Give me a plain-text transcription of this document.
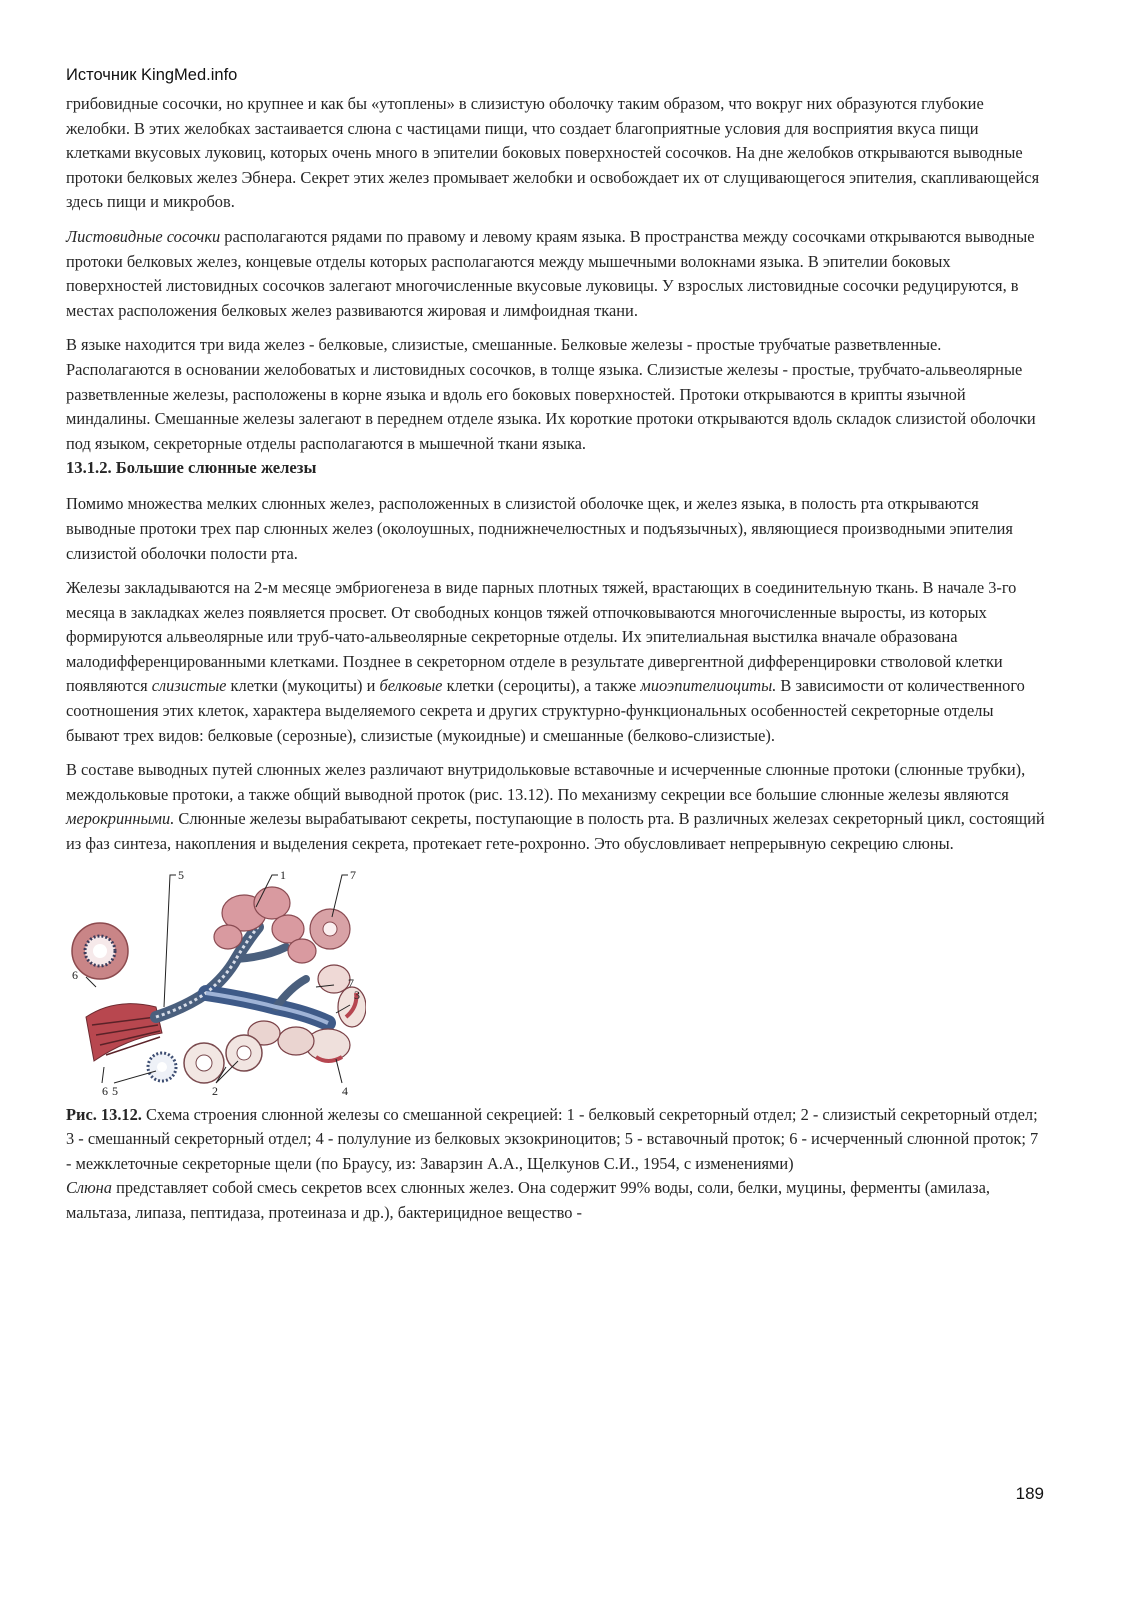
Источник KingMed.info

грибовидные сосочки, но крупнее и как бы «утоплены» в слизистую оболочку таким образом, что вокруг них образуются глубокие желобки. В этих желобках застаивается слюна с частицами пищи, что создает благоприятные условия для восприятия вкуса пищи клетками вкусовых луковиц, которых очень много в эпителии боковых поверхностей сосочков. На дне желобков открываются выводные протоки белковых желез Эбнера. Секрет этих желез промывает желобки и освобождает их от слущивающегося эпителия, скапливающейся здесь пищи и микробов.

Листовидные сосочки располагаются рядами по правому и левому краям языка. В пространства между сосочками открываются выводные протоки белковых желез, концевые отделы которых располагаются между мышечными волокнами языка. В эпителии боковых поверхностей листовидных сосочков залегают многочисленные вкусовые луковицы. У взрослых листовидные сосочки редуцируются, в местах расположения белковых желез развиваются жировая и лимфоидная ткани.

В языке находится три вида желез - белковые, слизистые, смешанные. Белковые железы - простые трубчатые разветвленные. Располагаются в основании желобоватых и листовидных сосочков, в толще языка. Слизистые железы - простые, трубчато-альвеолярные разветвленные железы, расположены в корне языка и вдоль его боковых поверхностей. Протоки открываются в крипты язычной миндалины. Смешанные железы залегают в переднем отделе языка. Их короткие протоки открываются вдоль складок слизистой оболочки под языком, секреторные отделы располагаются в мышечной ткани языка.

13.1.2. Большие слюнные железы

Помимо множества мелких слюнных желез, расположенных в слизистой оболочке щек, и желез языка, в полость рта открываются выводные протоки трех пар слюнных желез (околоушных, поднижнечелюстных и подъязычных), являющиеся производными эпителия слизистой оболочки полости рта.

Железы закладываются на 2-м месяце эмбриогенеза в виде парных плотных тяжей, врастающих в соединительную ткань. В начале 3-го месяца в закладках желез появляется просвет. От свободных концов тяжей отпочковываются многочисленные выросты, из которых формируются альвеолярные или труб-чато-альвеолярные секреторные отделы. Их эпителиальная выстилка вначале образована малодифференцированными клетками. Позднее в секреторном отделе в результате дивергентной дифференцировки стволовой клетки появляются слизистые клетки (мукоциты) и белковые клетки (сероциты), а также миоэпителиоциты. В зависимости от количественного соотношения этих клеток, характера выделяемого секрета и других структурно-функциональных особенностей секреторные отделы бывают трех видов: белковые (серозные), слизистые (мукоидные) и смешанные (белково-слизистые).

В составе выводных путей слюнных желез различают внутридольковые вставочные и исчерченные слюнные протоки (слюнные трубки), междольковые протоки, а также общий выводной проток (рис. 13.12). По механизму секреции все большие слюнные железы являются мерокринными. Слюнные железы вырабатывают секреты, поступающие в полость рта. В различных железах секреторный цикл, состоящий из фаз синтеза, накопления и выделения секрета, протекает гете-рохронно. Это обусловливает непрерывную секрецию слюны.

5	1	7
6
7
3
6 5	2	4

Рис. 13.12. Схема строения слюнной железы со смешанной секрецией: 1 - белковый секреторный отдел; 2 - слизистый секреторный отдел; 3 - смешанный секреторный отдел; 4 - полулуние из белковых экзокриноцитов; 5 - вставочный проток; 6 - исчерченный слюнной проток; 7 - межклеточные секреторные щели (по Браусу, из: Заварзин А.А., Щелкунов С.И., 1954, с изменениями)

Слюна представляет собой смесь секретов всех слюнных желез. Она содержит 99% воды, соли, белки, муцины, ферменты (амилаза, мальтаза, липаза, пептидаза, протеиназа и др.), бактерицидное вещество -

189
